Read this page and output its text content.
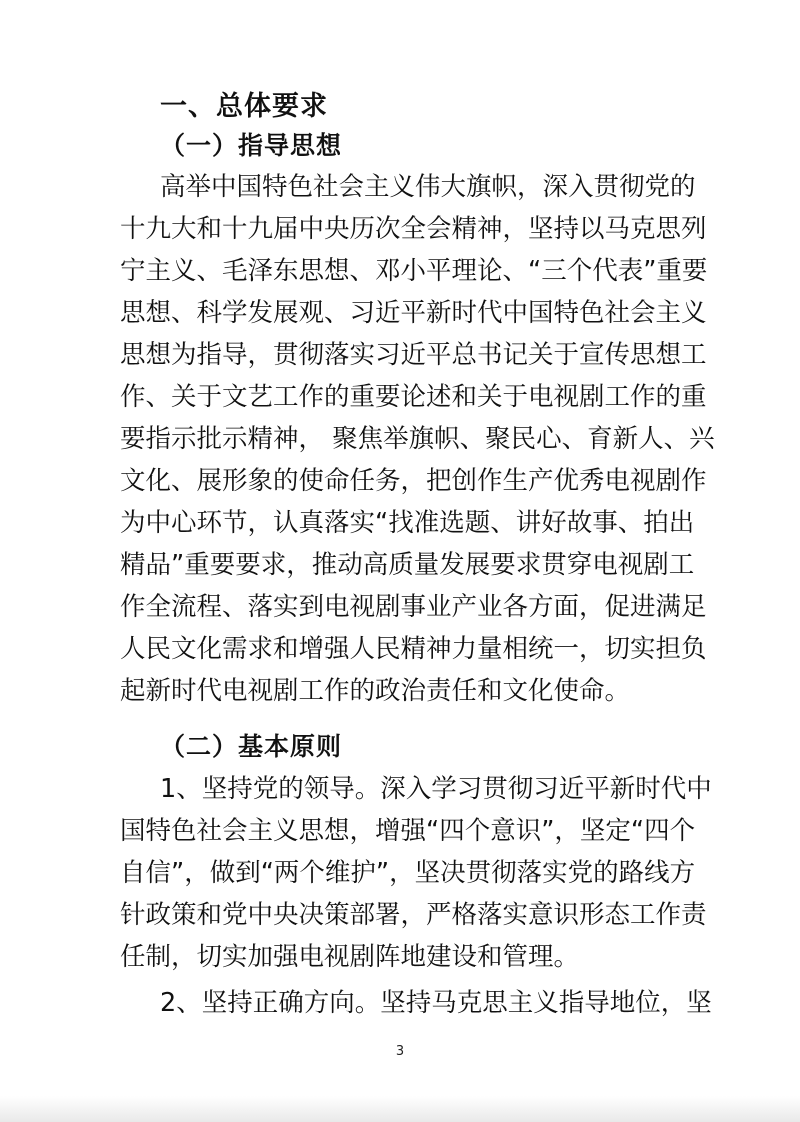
一、总体要求
（一）指导思想
高举中国特色社会主义伟大旗帜，深入贯彻党的
十九大和十九届中央历次全会精神，坚持以马克思列
宁主义、毛泽东思想、邓小平理论、“三个代表”重要
思想、科学发展观、习近平新时代中国特色社会主义
思想为指导，贯彻落实习近平总书记关于宣传思想工
作、关于文艺工作的重要论述和关于电视剧工作的重
要指示批示精神， 聚焦举旗帜、聚民心、育新人、兴
文化、展形象的使命任务，把创作生产优秀电视剧作
为中心环节，认真落实“找准选题、讲好故事、拍出
精品”重要要求，推动高质量发展要求贯穿电视剧工
作全流程、落实到电视剧事业产业各方面，促进满足
人民文化需求和增强人民精神力量相统一，切实担负
起新时代电视剧工作的政治责任和文化使命。
（二）基本原则
1、坚持党的领导。深入学习贯彻习近平新时代中
国特色社会主义思想，增强“四个意识”，坚定“四个
自信”，做到“两个维护”，坚决贯彻落实党的路线方
针政策和党中央决策部署，严格落实意识形态工作责
任制，切实加强电视剧阵地建设和管理。
2、坚持正确方向。坚持马克思主义指导地位，坚
3
